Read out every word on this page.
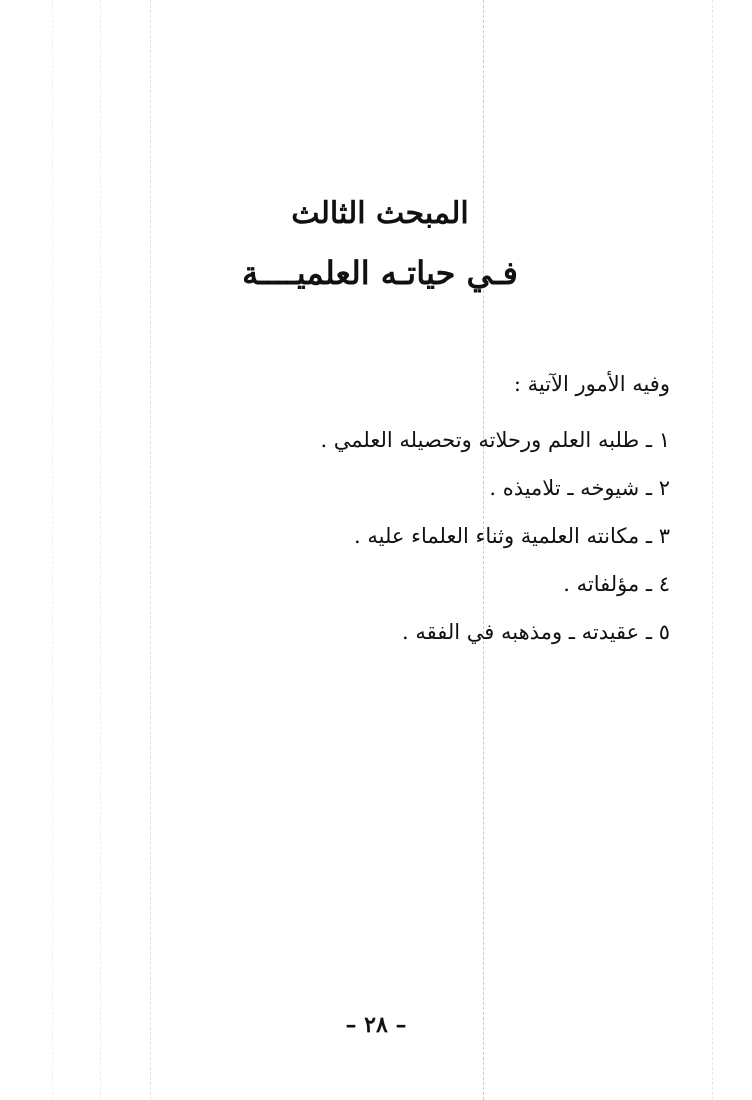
المبحث الثالث
فـي حياتـه العلميــــة
وفيه الأمور الآتية :
١ ـ طلبه العلم ورحلاته وتحصيله العلمي .
٢ ـ شيوخه ـ تلاميذه .
٣ ـ مكانته العلمية وثناء العلماء عليه .
٤ ـ مؤلفاته .
٥ ـ عقيدته ـ ومذهبه في الفقه .
– ٢٨ –
